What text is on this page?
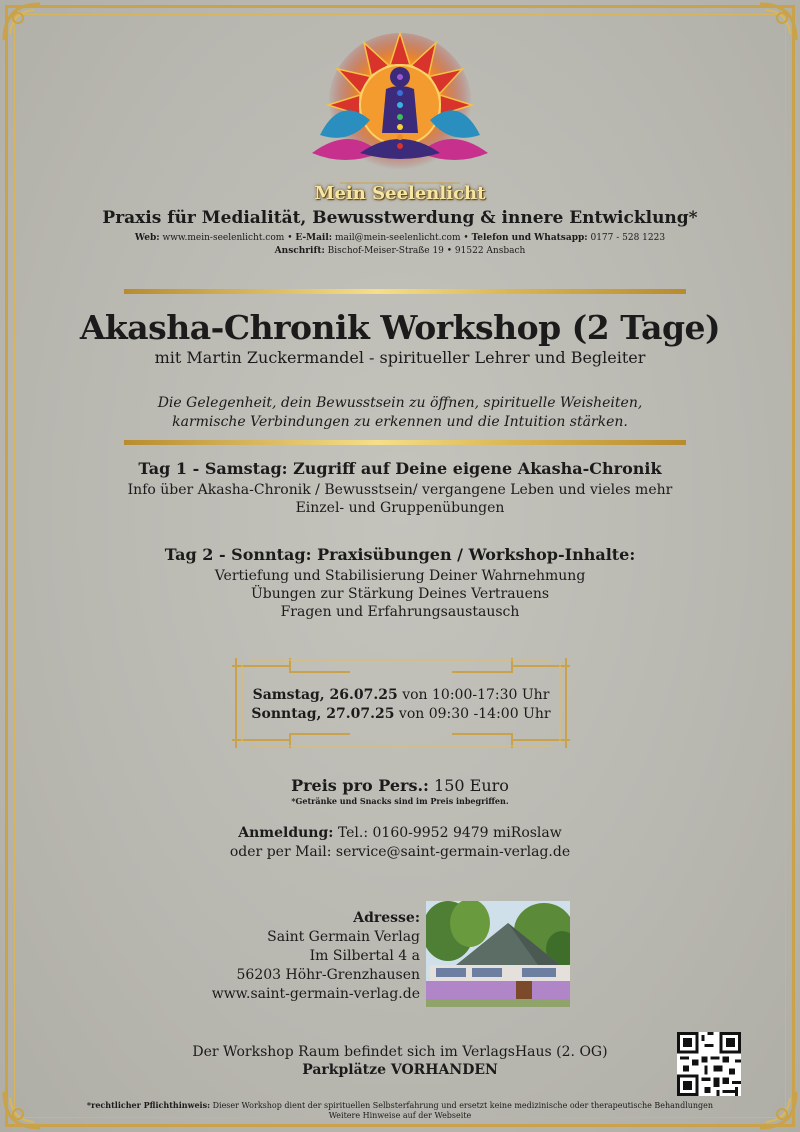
Mein Seelenlicht
Praxis für Medialität, Bewusstwerdung & innere Entwicklung*
Web: www.mein-seelenlicht.com • E-Mail: mail@mein-seelenlicht.com • Telefon und Whatsapp: 0177 - 528 1223
Anschrift: Bischof-Meiser-Straße 19 • 91522 Ansbach
Akasha-Chronik Workshop (2 Tage)
mit Martin Zuckermandel - spiritueller Lehrer und Begleiter
Die Gelegenheit, dein Bewusstsein zu öffnen, spirituelle Weisheiten,
karmische Verbindungen zu erkennen und die Intuition stärken.
Tag 1 - Samstag: Zugriff auf Deine eigene Akasha-Chronik
Info über Akasha-Chronik / Bewusstsein/ vergangene Leben und vieles mehr
Einzel- und Gruppenübungen
Tag 2 - Sonntag: Praxisübungen / Workshop-Inhalte:
Vertiefung und Stabilisierung Deiner Wahrnehmung
Übungen zur Stärkung Deines Vertrauens
Fragen und Erfahrungsaustausch
Samstag, 26.07.25 von 10:00-17:30 Uhr
Sonntag, 27.07.25 von 09:30 -14:00 Uhr
Preis pro Pers.: 150 Euro
*Getränke und Snacks sind im Preis inbegriffen.
Anmeldung: Tel.: 0160-9952 9479 miRoslaw
oder per Mail: service@saint-germain-verlag.de
Adresse:
Saint Germain Verlag
Im Silbertal 4 a
56203 Höhr-Grenzhausen
www.saint-germain-verlag.de
Der Workshop Raum befindet sich im VerlagsHaus (2. OG)
Parkplätze VORHANDEN
*rechtlicher Pflichthinweis: Dieser Workshop dient der spirituellen Selbsterfahrung und ersetzt keine medizinische oder therapeutische Behandlungen
Weitere Hinweise auf der Webseite
